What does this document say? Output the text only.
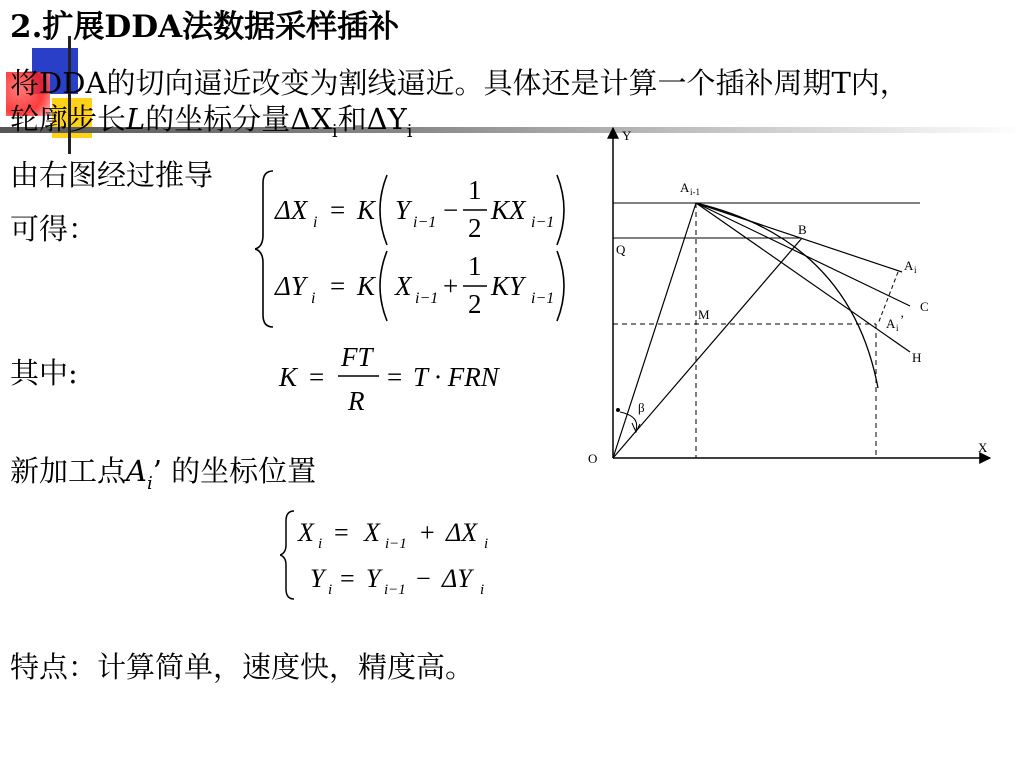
2.扩展DDA法数据采样插补
将DDA的切向逼近改变为割线逼近。具体还是计算一个插补周期T内，
轮廓步长L的坐标分量$\Delta X_i$和$\Delta Y_i$
由右图经过推导
可得：
ΔX i = K Y i−1 −
1
2
KX i−1
ΔY i = K X i−1 +
1
2
KY i−1
其中:	K =
FT
R
= T · FRN
新加工点$A_i$’ 的坐标位置
X i = X i−1 + ΔX i
Y i = Y i−1 − ΔY i
特点：计算简单，速度快，精度高。
Y
X
O
A i-1
B
Q
A i
C
M
A i
’
H
β
